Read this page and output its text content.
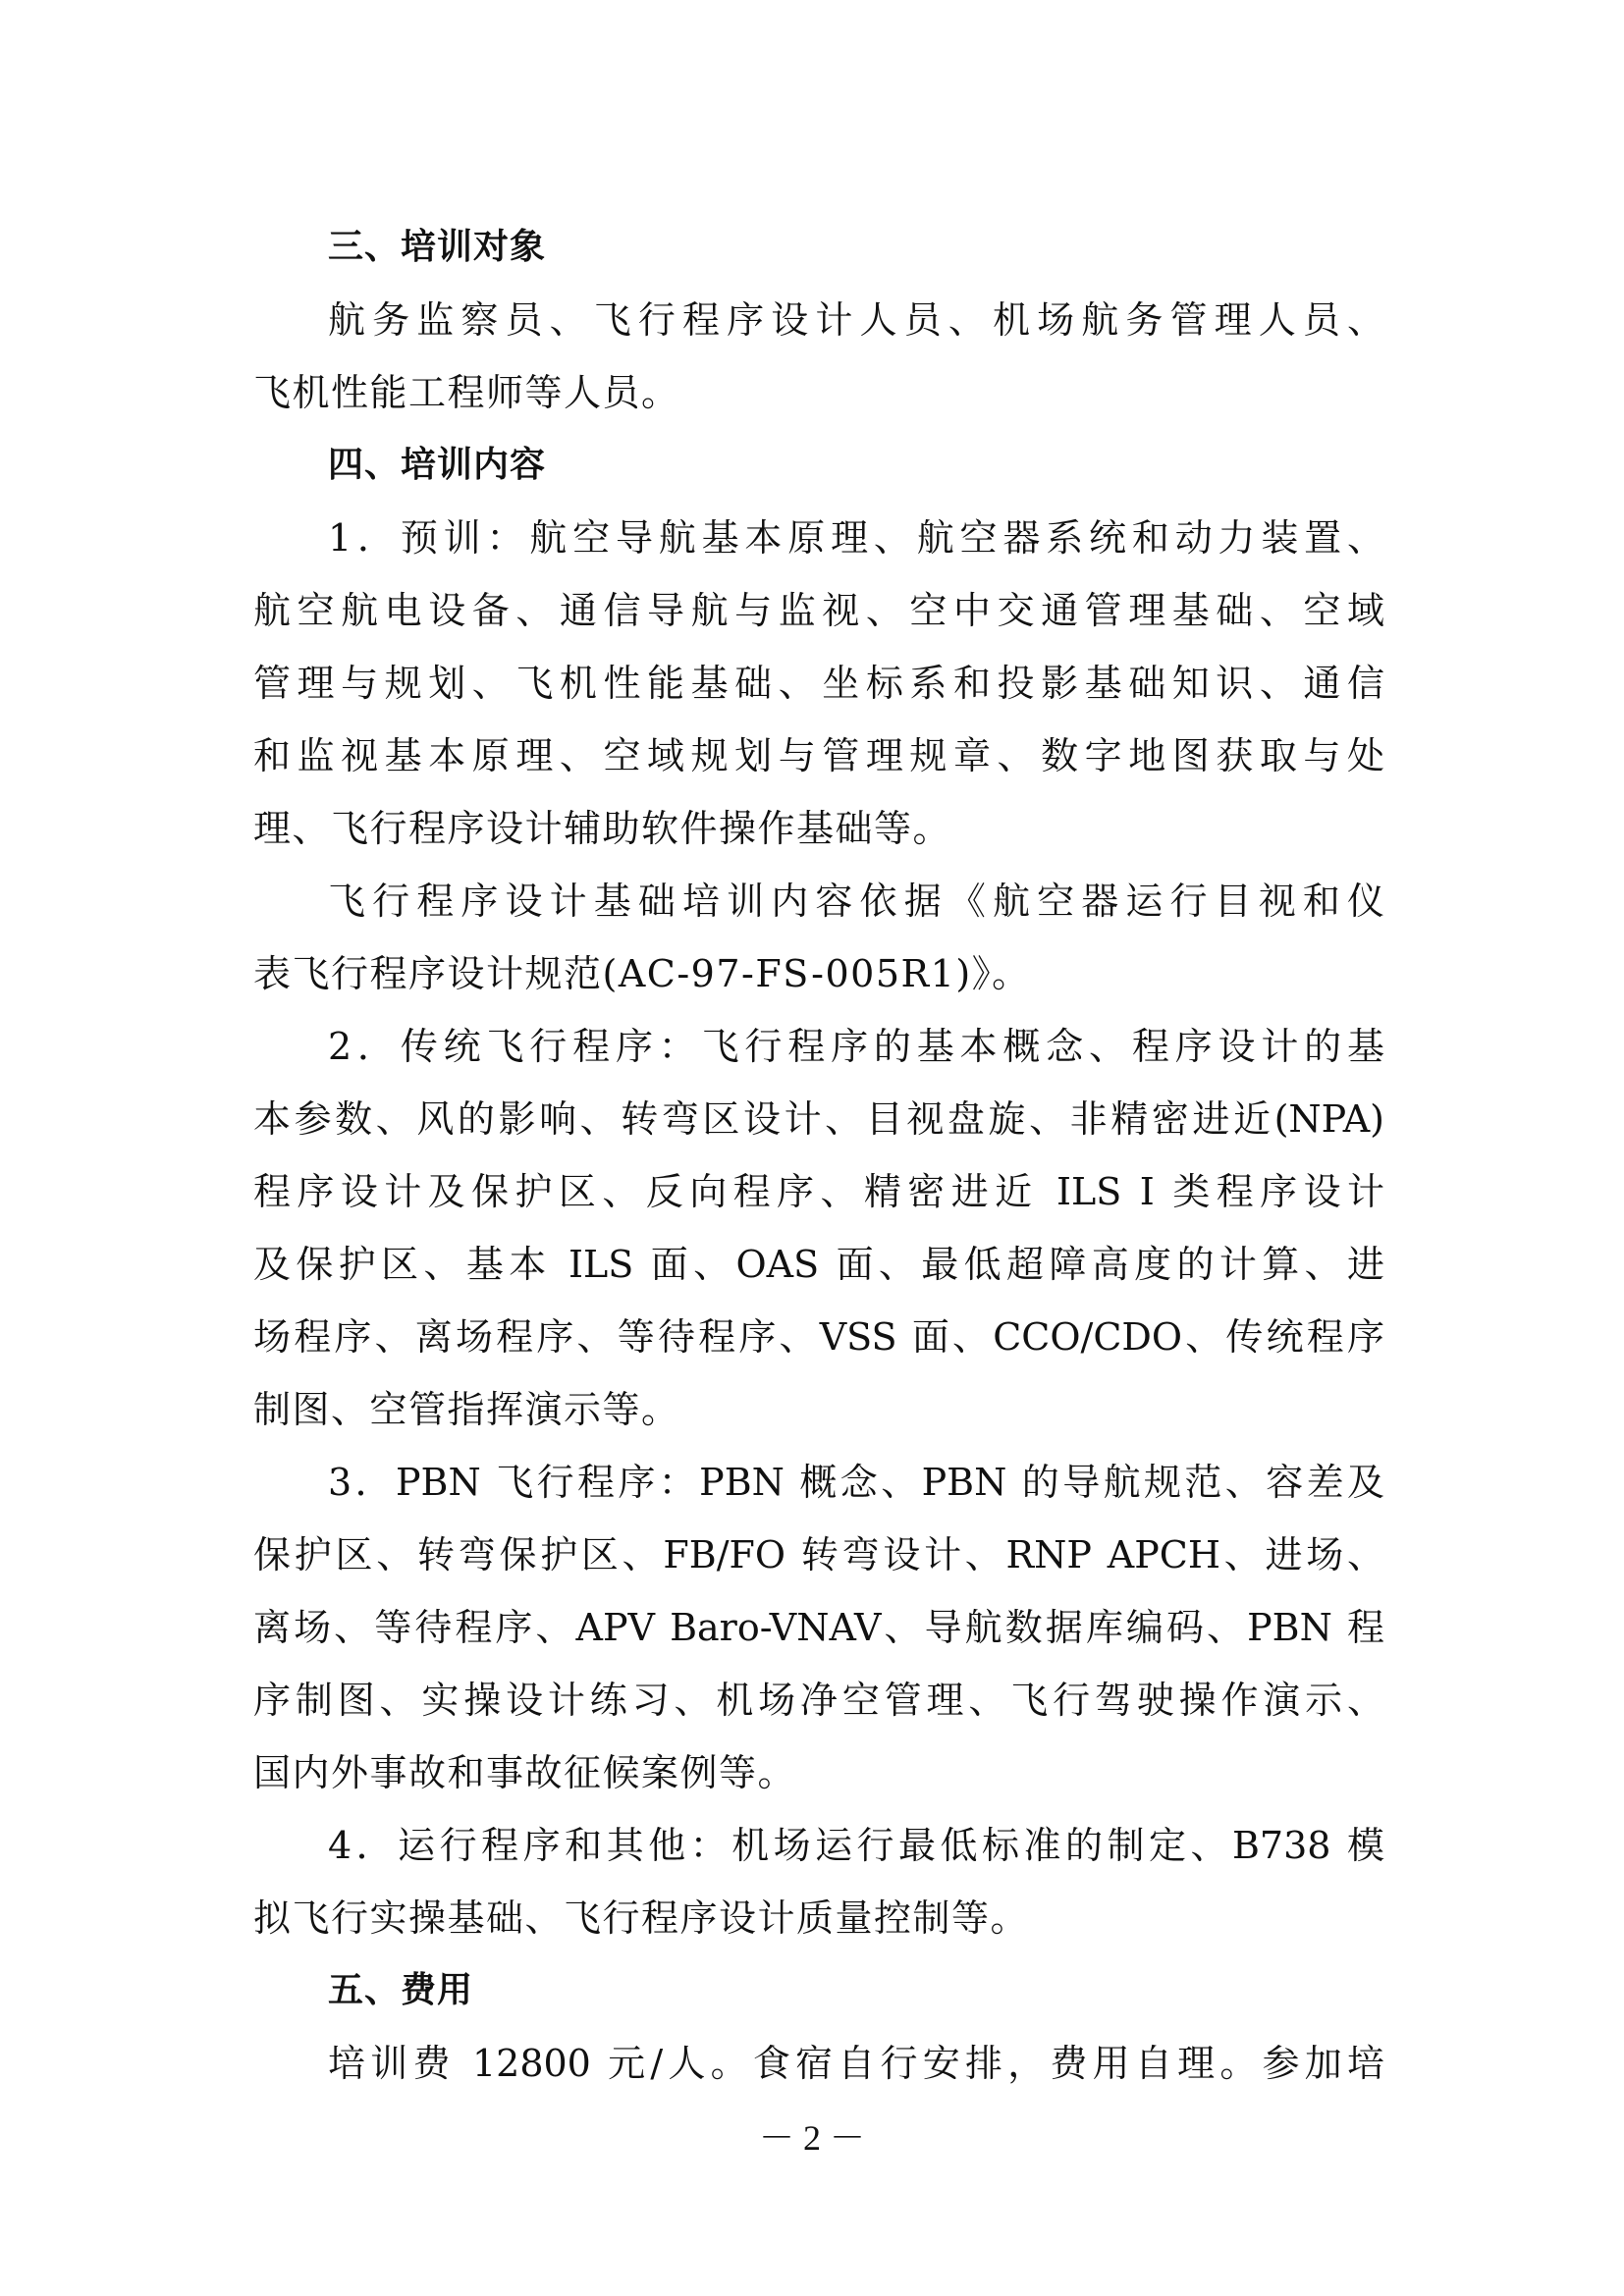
三、培训对象
航务监察员、飞行程序设计人员、机场航务管理人员、
飞机性能工程师等人员。
四、培训内容
1．预训：航空导航基本原理、航空器系统和动力装置、
航空航电设备、通信导航与监视、空中交通管理基础、空域
管理与规划、飞机性能基础、坐标系和投影基础知识、通信
和监视基本原理、空域规划与管理规章、数字地图获取与处
理、飞行程序设计辅助软件操作基础等。
飞行程序设计基础培训内容依据《航空器运行目视和仪
表飞行程序设计规范(AC-97-FS-005R1)》。
2．传统飞行程序：飞行程序的基本概念、程序设计的基
本参数、风的影响、转弯区设计、目视盘旋、非精密进近(NPA)
程序设计及保护区、反向程序、精密进近 ILS I 类程序设计
及保护区、基本 ILS 面、OAS 面、最低超障高度的计算、进
场程序、离场程序、等待程序、VSS 面、CCO/CDO、传统程序
制图、空管指挥演示等。
3．PBN 飞行程序：PBN 概念、PBN 的导航规范、容差及
保护区、转弯保护区、FB/FO 转弯设计、RNP APCH、进场、
离场、等待程序、APV Baro-VNAV、导航数据库编码、PBN 程
序制图、实操设计练习、机场净空管理、飞行驾驶操作演示、
国内外事故和事故征候案例等。
4．运行程序和其他：机场运行最低标准的制定、B738 模
拟飞行实操基础、飞行程序设计质量控制等。
五、费用
培训费 12800 元/人。食宿自行安排，费用自理。参加培
－ 2 －
